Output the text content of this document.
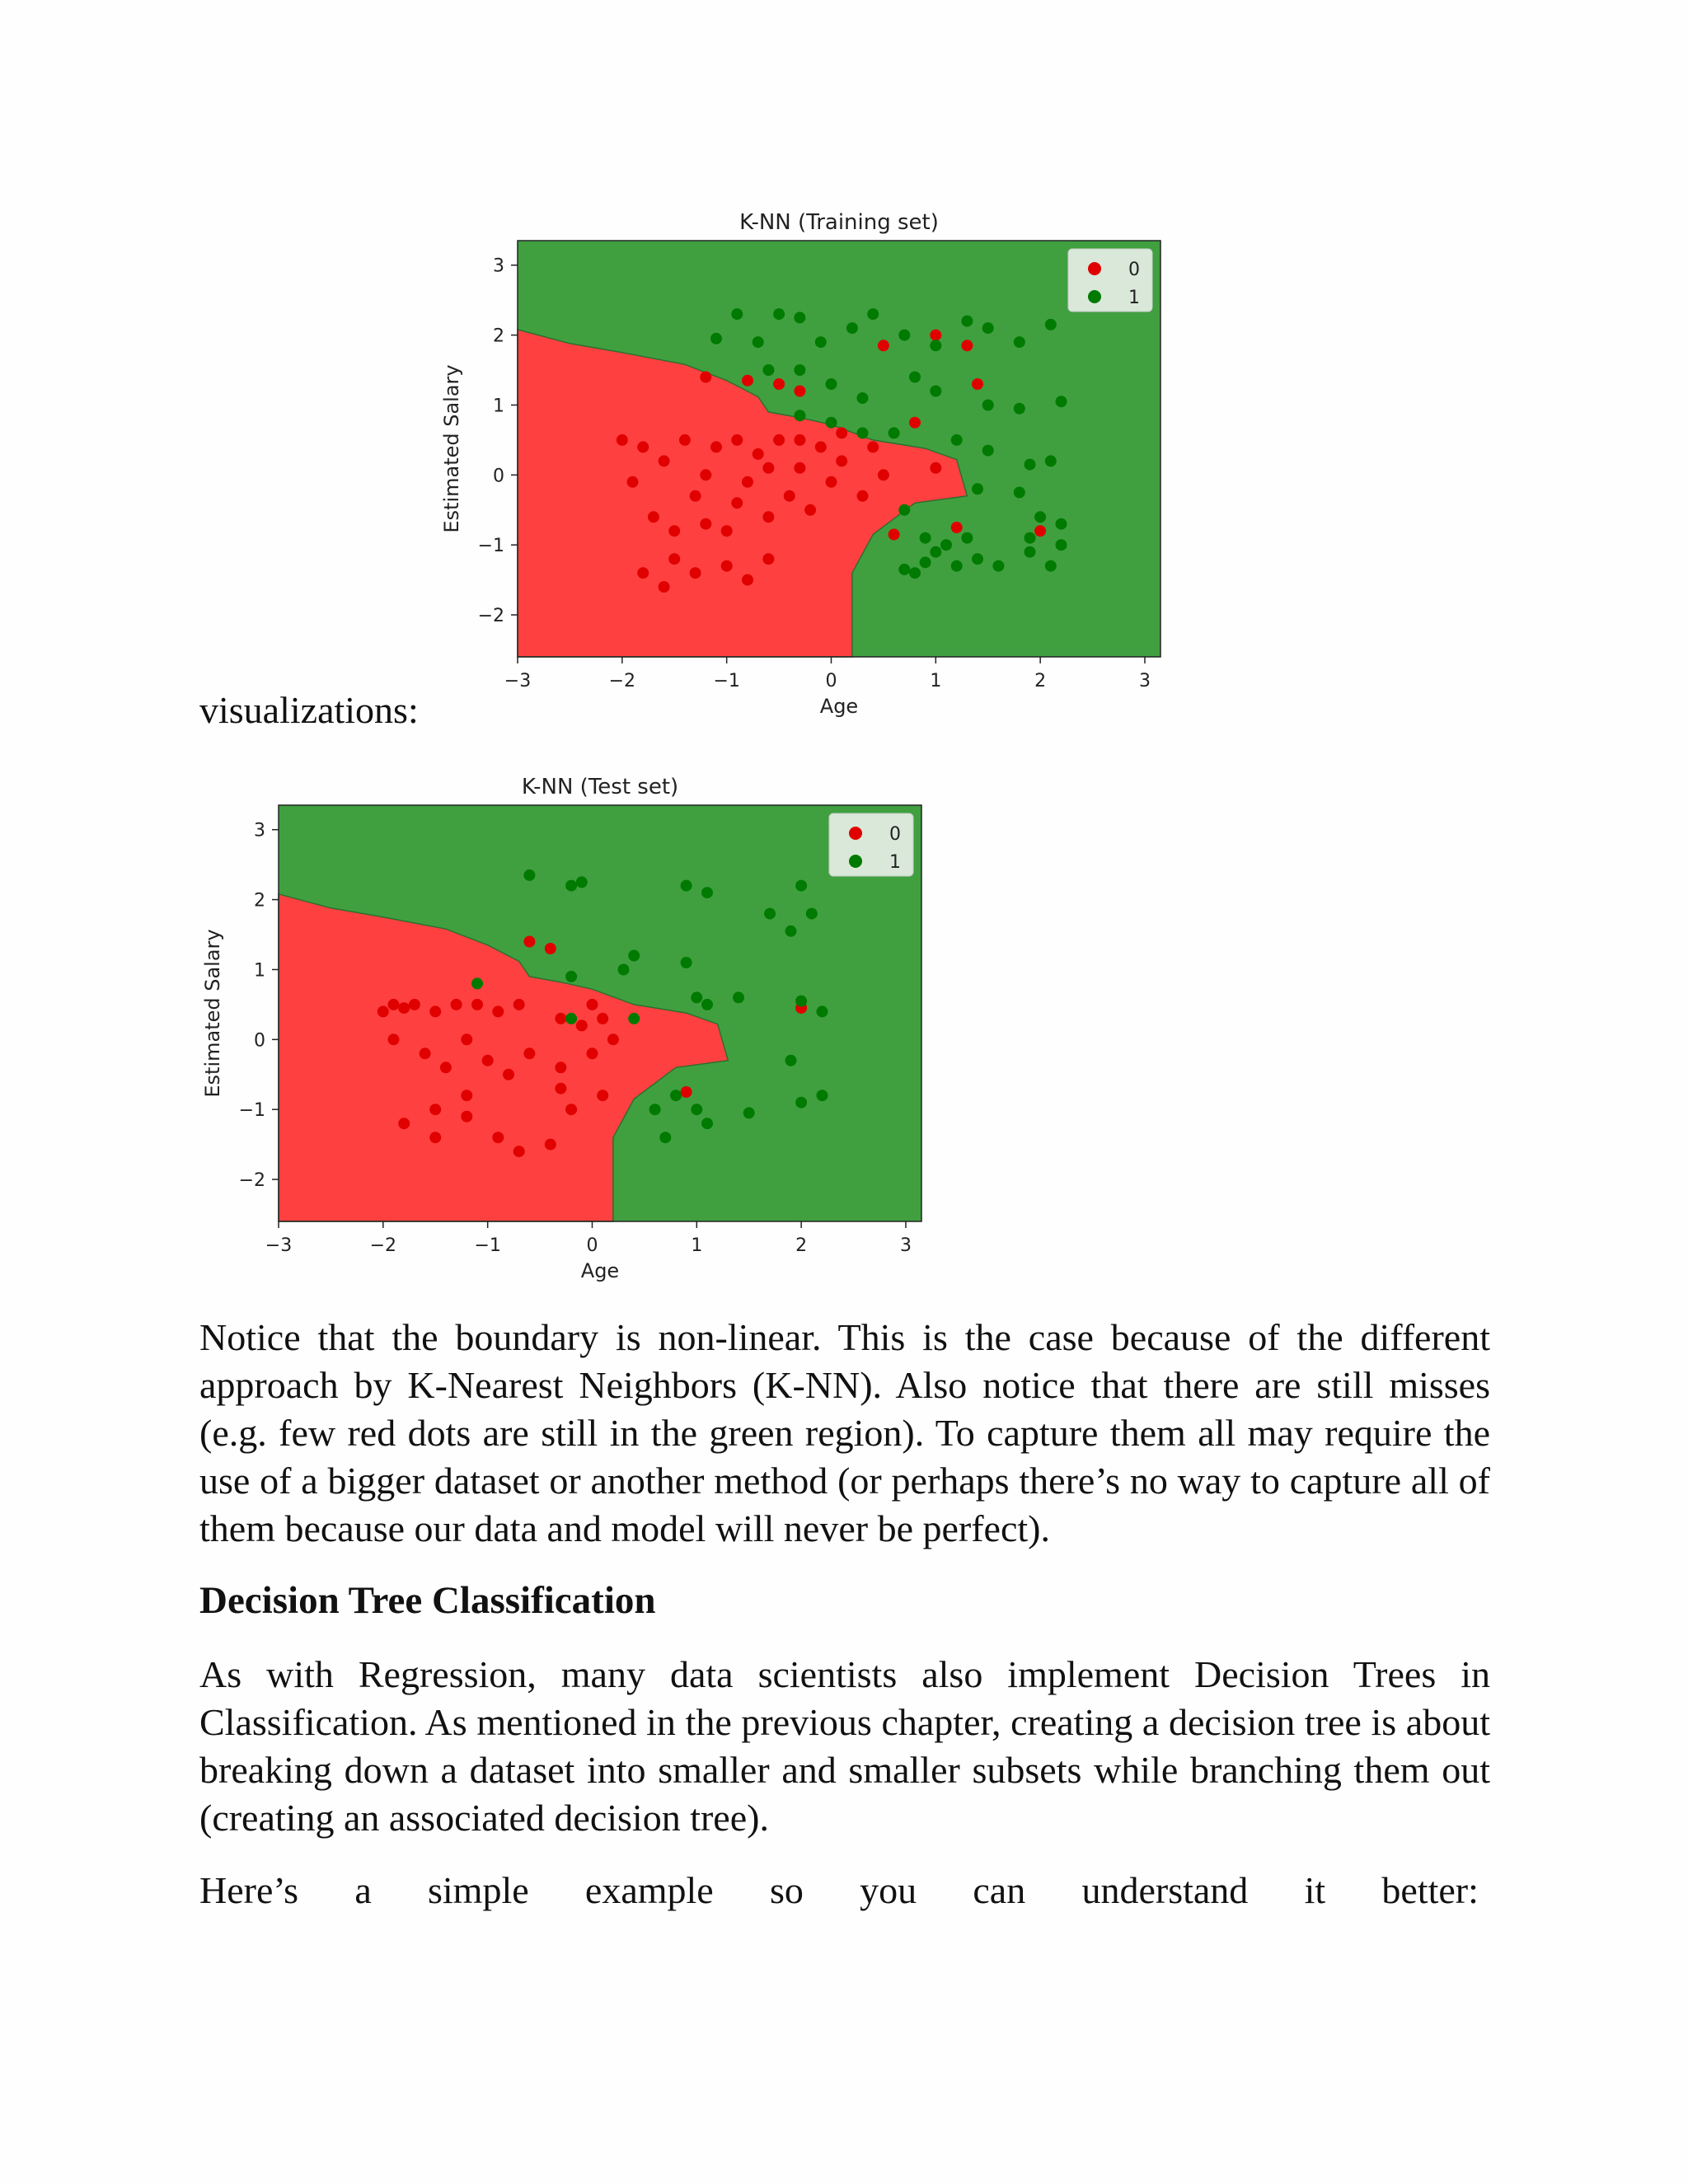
K-NN (Training set)
−3	−2	−1	0	1	2	3
−2
−1
0
1
2
3
Age
Estimated Salary
0
1

visualizations:

K-NN (Test set)
−3	−2	−1	0	1	2	3
−2
−1
0
1
2
3
Age
Estimated Salary
0
1

Notice that the boundary is non-linear. This is the case because of the different approach by K-Nearest Neighbors (K-NN). Also notice that there are still misses (e.g. few red dots are still in the green region). To capture them all may require the use of a bigger dataset or another method (or perhaps there’s no way to capture all of them because our data and model will never be perfect).

Decision Tree Classification

As with Regression, many data scientists also implement Decision Trees in Classification. As mentioned in the previous chapter, creating a decision tree is about breaking down a dataset into smaller and smaller subsets while branching them out (creating an associated decision tree).

Here’s a simple example so you can understand it better:
